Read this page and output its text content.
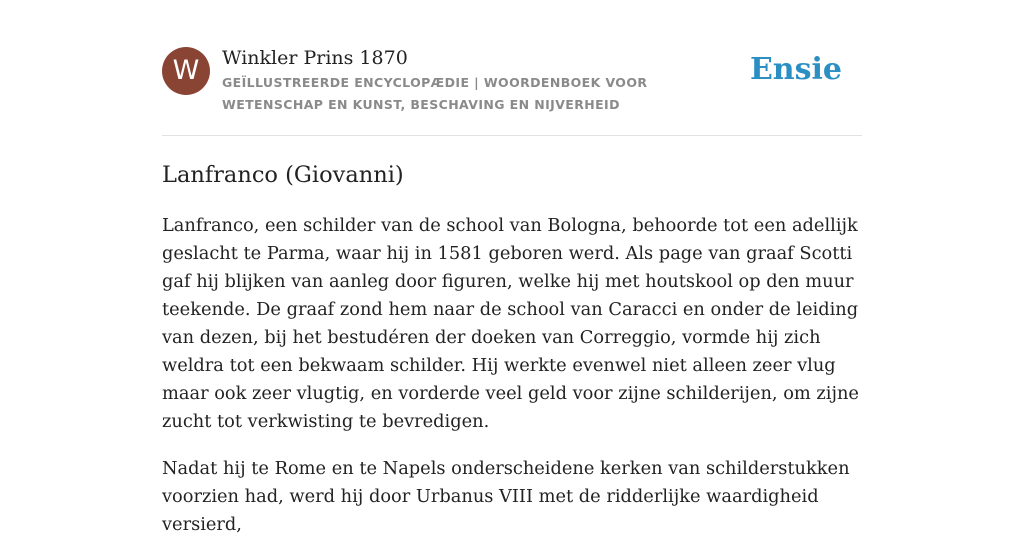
W	Winkler Prins 1870
GEÏLLUSTREERDE ENCYCLOPÆDIE | WOORDENBOEK VOOR WETENSCHAP EN KUNST, BESCHAVING EN NIJVERHEID
Ensie
Lanfranco (Giovanni)

Lanfranco, een schilder van de school van Bologna, behoorde tot een adellijk geslacht te Parma, waar hij in 1581 geboren werd. Als page van graaf Scotti gaf hij blijken van aanleg door figuren, welke hij met houtskool op den muur teekende. De graaf zond hem naar de school van Caracci en onder de leiding van dezen, bij het bestudéren der doeken van Correggio, vormde hij zich weldra tot een bekwaam schilder. Hij werkte evenwel niet alleen zeer vlug maar ook zeer vlugtig, en vorderde veel geld voor zijne schilderijen, om zijne zucht tot verkwisting te bevredigen.

Nadat hij te Rome en te Napels onderscheidene kerken van schilderstukken voorzien had, werd hij door Urbanus VIII met de ridderlijke waardigheid versierd,
